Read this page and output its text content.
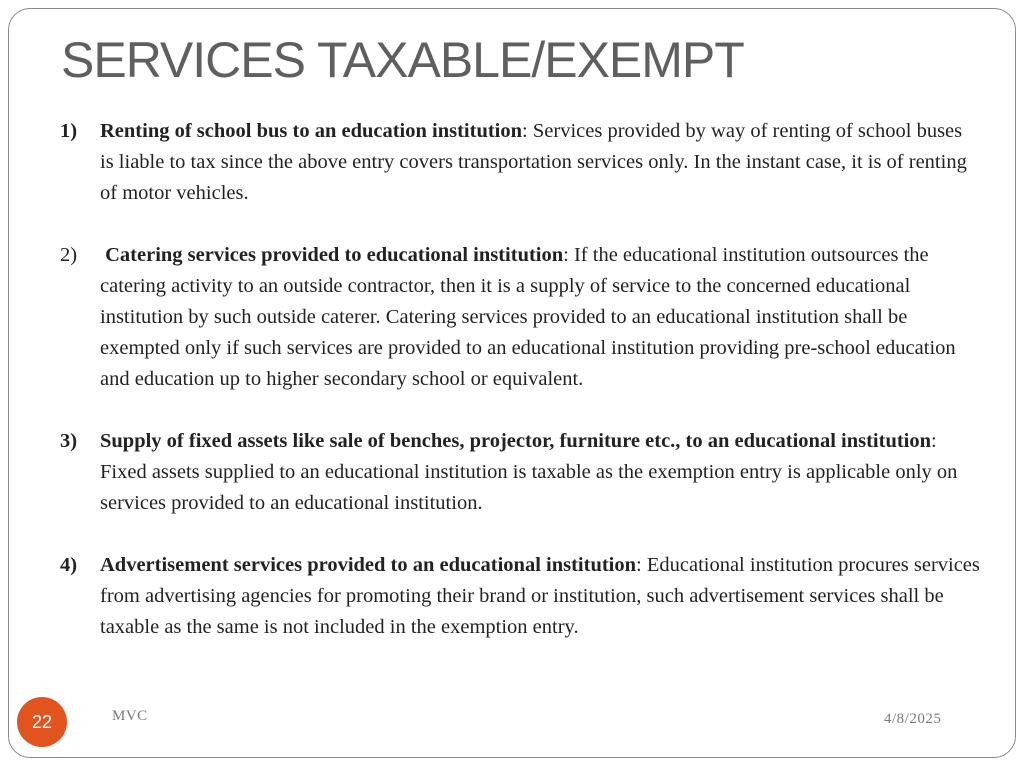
SERVICES TAXABLE/EXEMPT
1)	Renting of school bus to an education institution: Services provided by way of renting of school buses is liable to tax since the above entry covers transportation services only. In the instant case, it is of renting of motor vehicles.
2)	Catering services provided to educational institution: If the educational institution outsources the catering activity to an outside contractor, then it is a supply of service to the concerned educational institution by such outside caterer. Catering services provided to an educational institution shall be exempted only if such services are provided to an educational institution providing pre-school education and education up to higher secondary school or equivalent.
3)	Supply of fixed assets like sale of benches, projector, furniture etc., to an educational institution: Fixed assets supplied to an educational institution is taxable as the exemption entry is applicable only on services provided to an educational institution.
4)	Advertisement services provided to an educational institution: Educational institution procures services from advertising agencies for promoting their brand or institution, such advertisement services shall be taxable as the same is not included in the exemption entry.
22	MVC	4/8/2025
